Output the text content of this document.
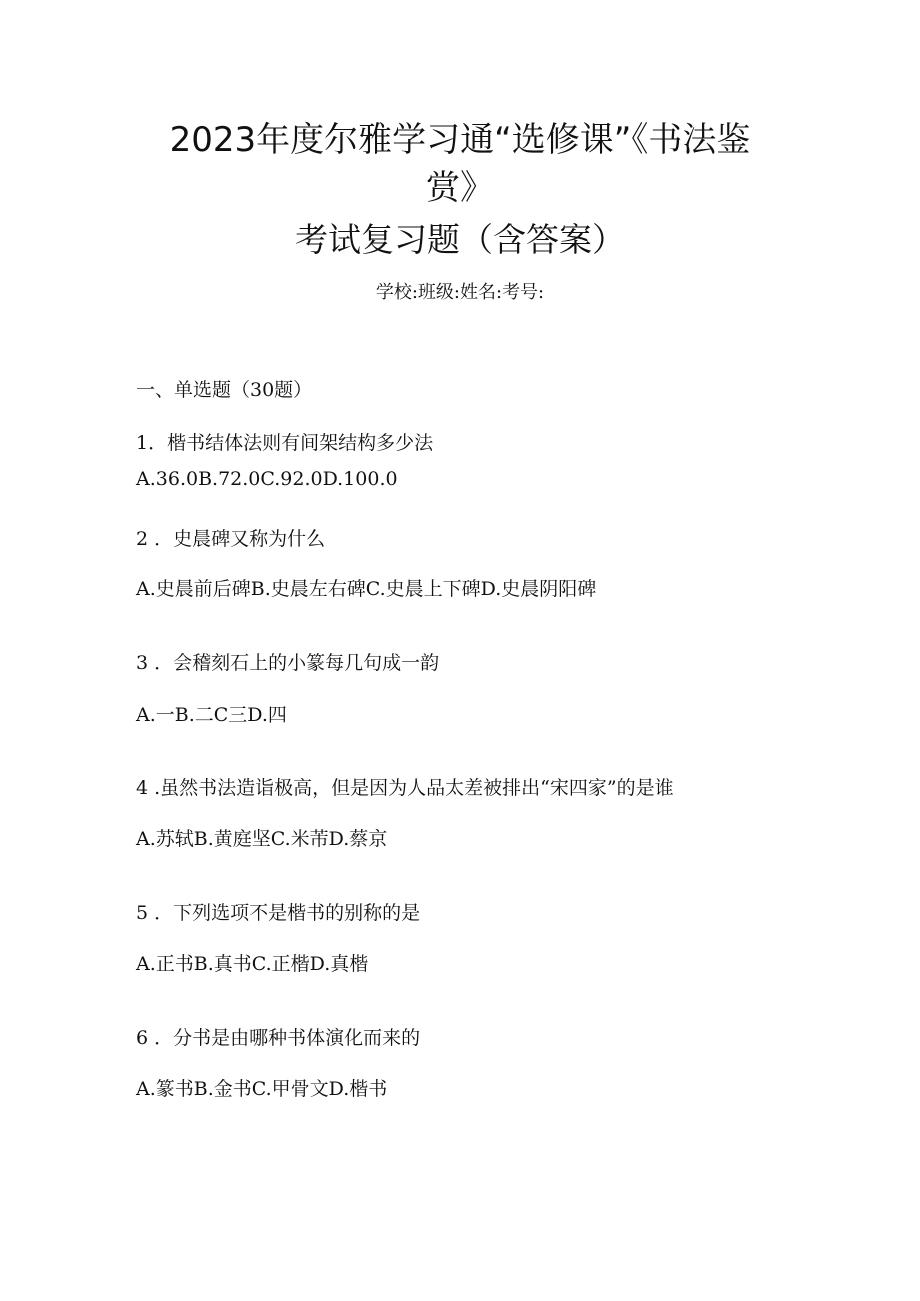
2023年度尔雅学习通“选修课”《书法鉴
赏》
考试复习题（含答案）
学校:班级:姓名:考号:
一、单选题（30题）
1．楷书结体法则有间架结构多少法
A.36.0B.72.0C.92.0D.100.0
2 ．史晨碑又称为什么
A.史晨前后碑B.史晨左右碑C.史晨上下碑D.史晨阴阳碑
3 ．会稽刻石上的小篆每几句成一韵
A.一B.二C三D.四
4 .虽然书法造诣极高，但是因为人品太差被排出“宋四家”的是谁
A.苏轼B.黄庭坚C.米芾D.蔡京
5 ．下列选项不是楷书的别称的是
A.正书B.真书C.正楷D.真楷
6 ．分书是由哪种书体演化而来的
A.篆书B.金书C.甲骨文D.楷书
